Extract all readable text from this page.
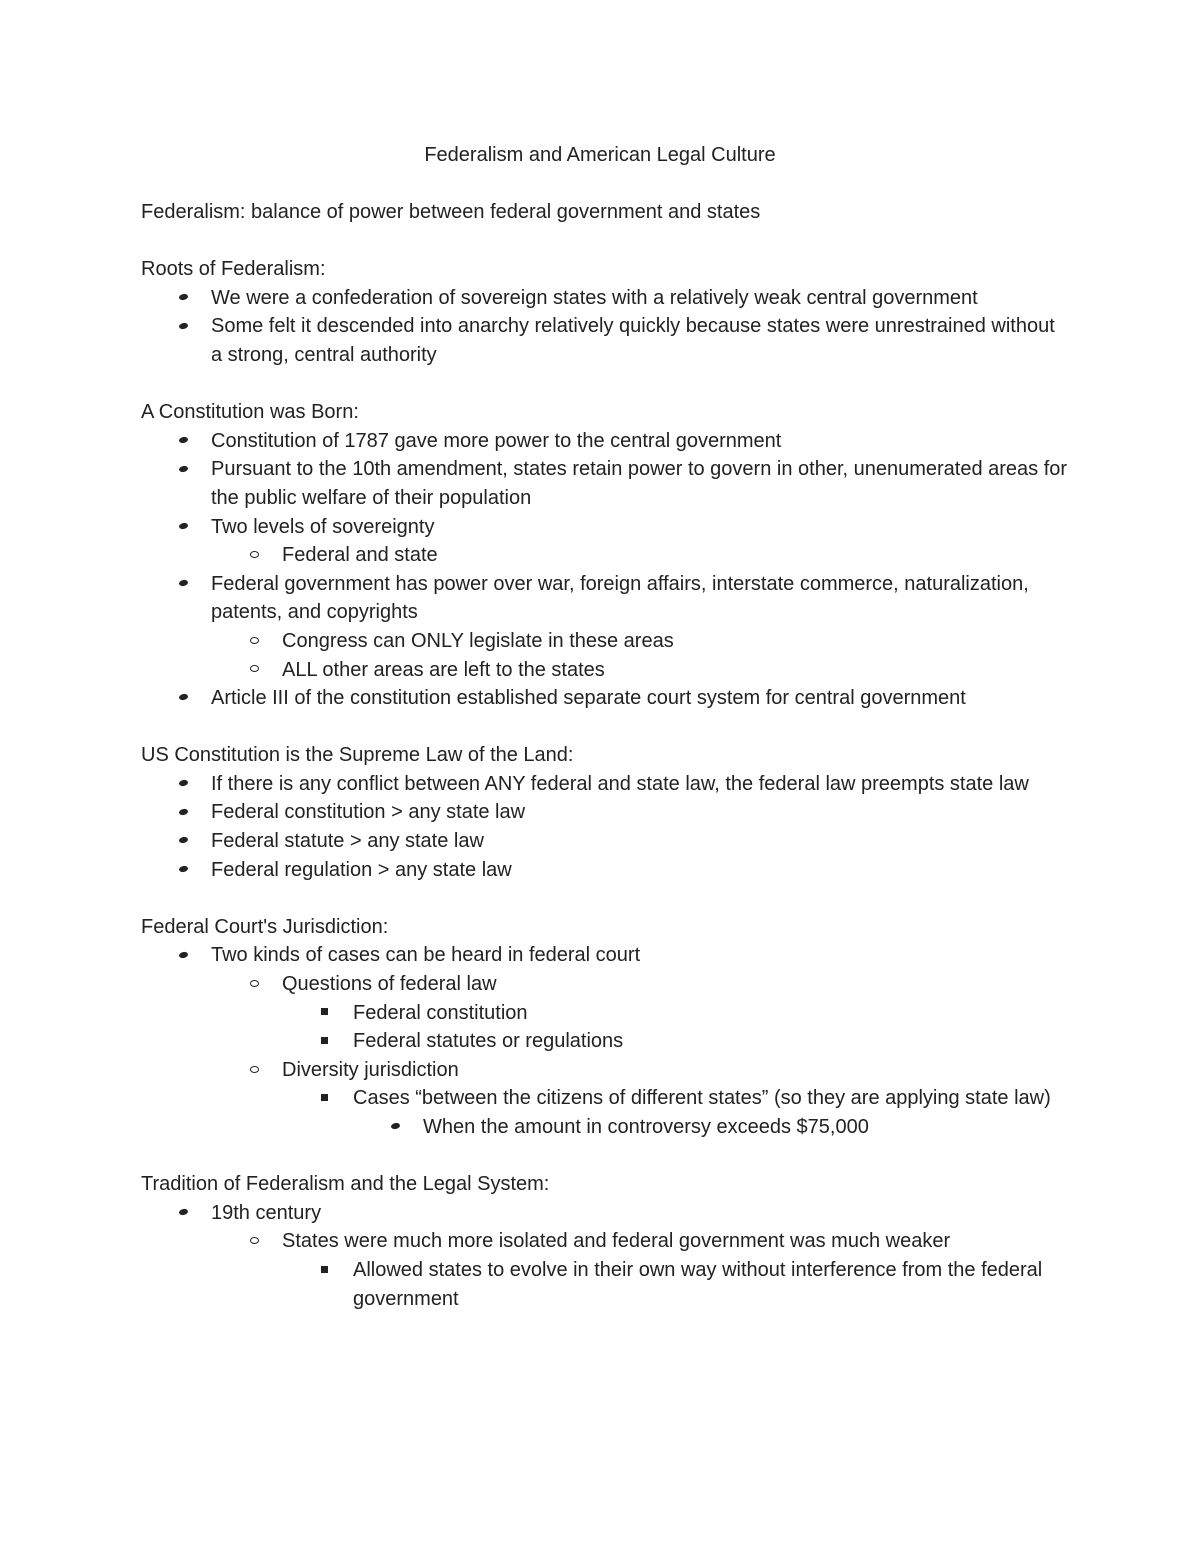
Federalism and American Legal Culture

Federalism: balance of power between federal government and states

Roots of Federalism:

We were a confederation of sovereign states with a relatively weak central government
Some felt it descended into anarchy relatively quickly because states were unrestrained without a strong, central authority

A Constitution was Born:

Constitution of 1787 gave more power to the central government
Pursuant to the 10th amendment, states retain power to govern in other, unenumerated areas for the public welfare of their population
Two levels of sovereignty
Federal and state
Federal government has power over war, foreign affairs, interstate commerce, naturalization, patents, and copyrights
Congress can ONLY legislate in these areas
ALL other areas are left to the states
Article III of the constitution established separate court system for central government

US Constitution is the Supreme Law of the Land:

If there is any conflict between ANY federal and state law, the federal law preempts state law
Federal constitution > any state law
Federal statute > any state law
Federal regulation > any state law

Federal Court's Jurisdiction:

Two kinds of cases can be heard in federal court
Questions of federal law
Federal constitution
Federal statutes or regulations
Diversity jurisdiction
Cases “between the citizens of different states” (so they are applying state law)
When the amount in controversy exceeds $75,000

Tradition of Federalism and the Legal System:

19th century
States were much more isolated and federal government was much weaker
Allowed states to evolve in their own way without interference from the federal government
